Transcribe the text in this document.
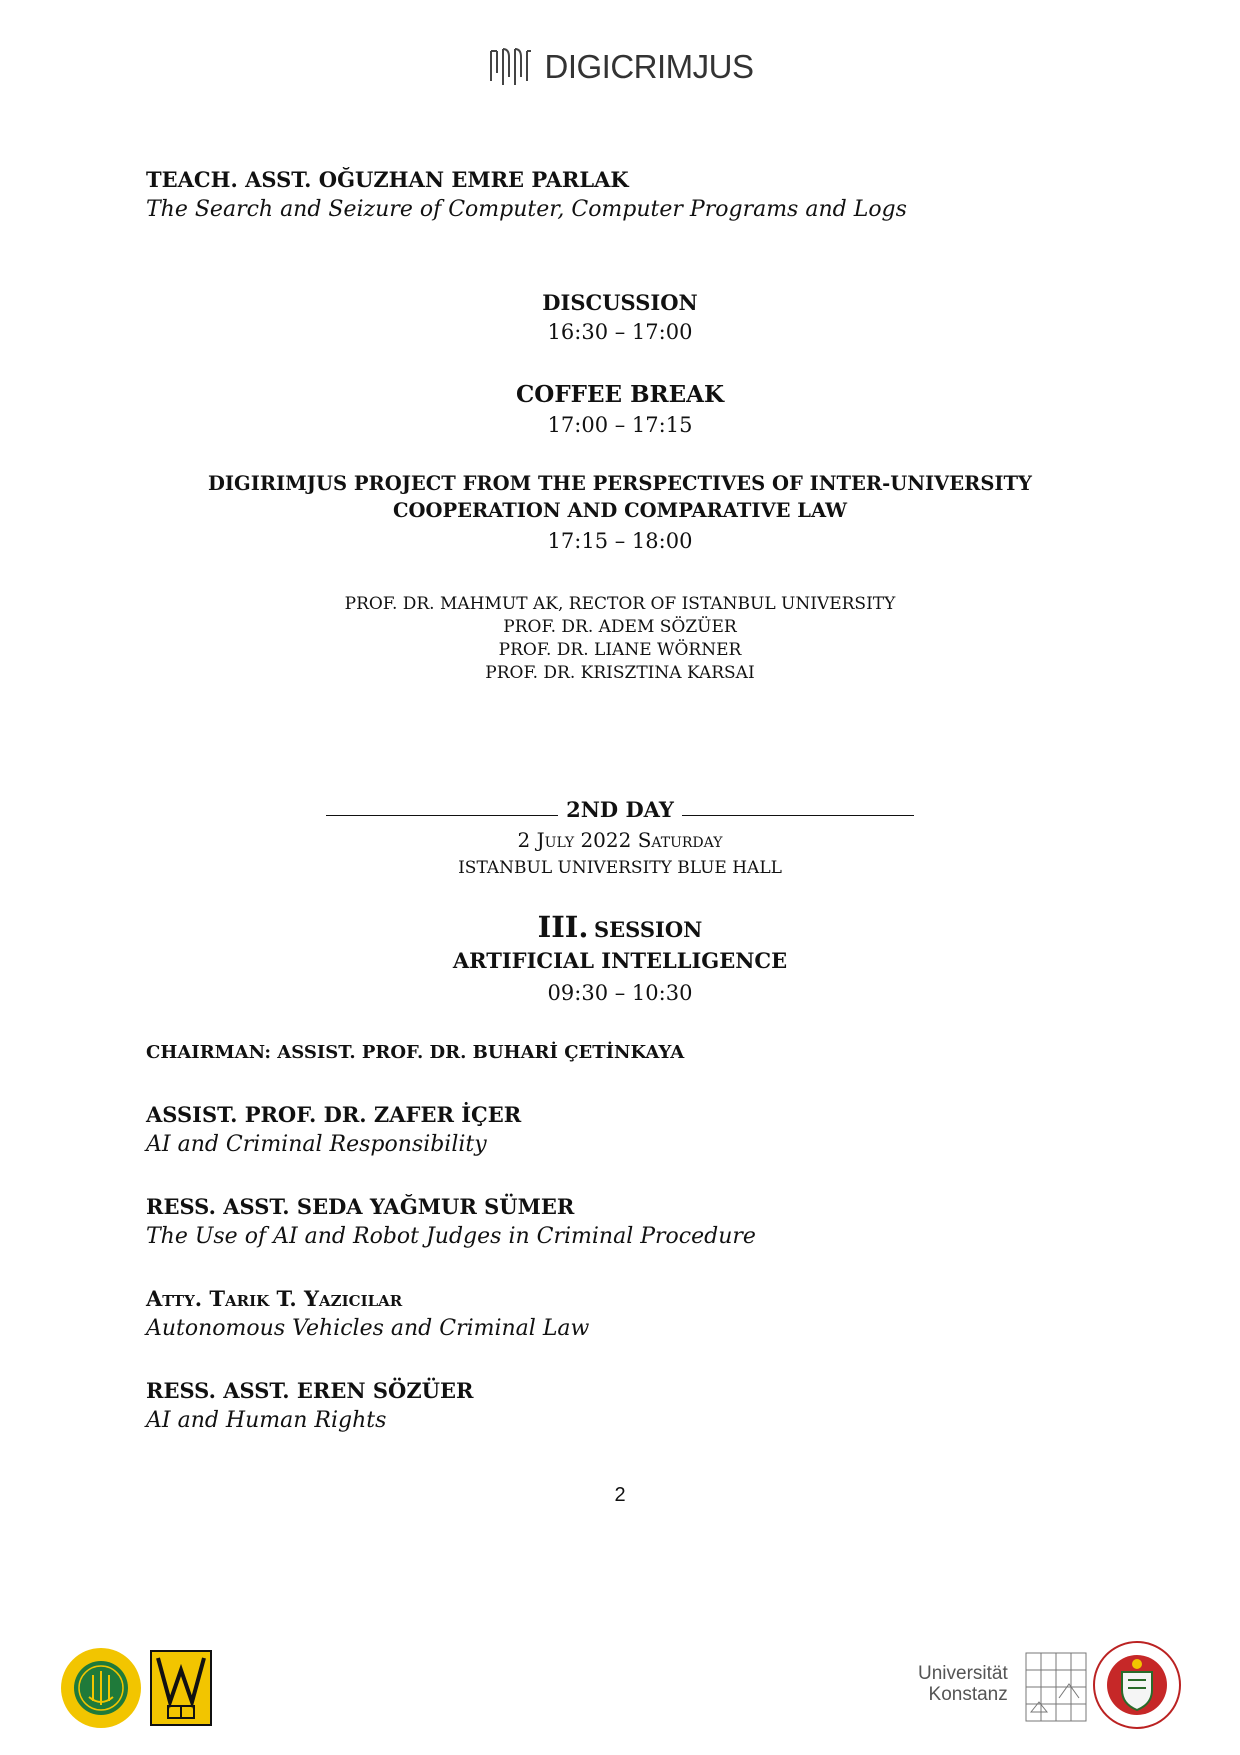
DIGICRIMJUS
TEACH. ASST. OĞUZHAN EMRE PARLAK
The Search and Seizure of Computer, Computer Programs and Logs
DISCUSSION
16:30 – 17:00
COFFEE BREAK
17:00 – 17:15
DIGIRIMJUS PROJECT FROM THE PERSPECTIVES OF INTER-UNIVERSITY
COOPERATION AND COMPARATIVE LAW
17:15 – 18:00
PROF. DR. MAHMUT AK, RECTOR OF ISTANBUL UNIVERSITY
PROF. DR. ADEM SÖZÜER
PROF. DR. LIANE WÖRNER
PROF. DR. KRISZTINA KARSAI
2ND DAY
2 July 2022 Saturday
ISTANBUL UNIVERSITY BLUE HALL
III. SESSION
ARTIFICIAL INTELLIGENCE
09:30 – 10:30
CHAIRMAN: ASSIST. PROF. DR. BUHARİ ÇETİNKAYA
ASSIST. PROF. DR. ZAFER İÇER
AI and Criminal Responsibility
RESS. ASST. SEDA YAĞMUR SÜMER
The Use of AI and Robot Judges in Criminal Procedure
Atty. Tarik T. Yazicilar
Autonomous Vehicles and Criminal Law
RESS. ASST. EREN SÖZÜER
AI and Human Rights
2
Universität
Konstanz
